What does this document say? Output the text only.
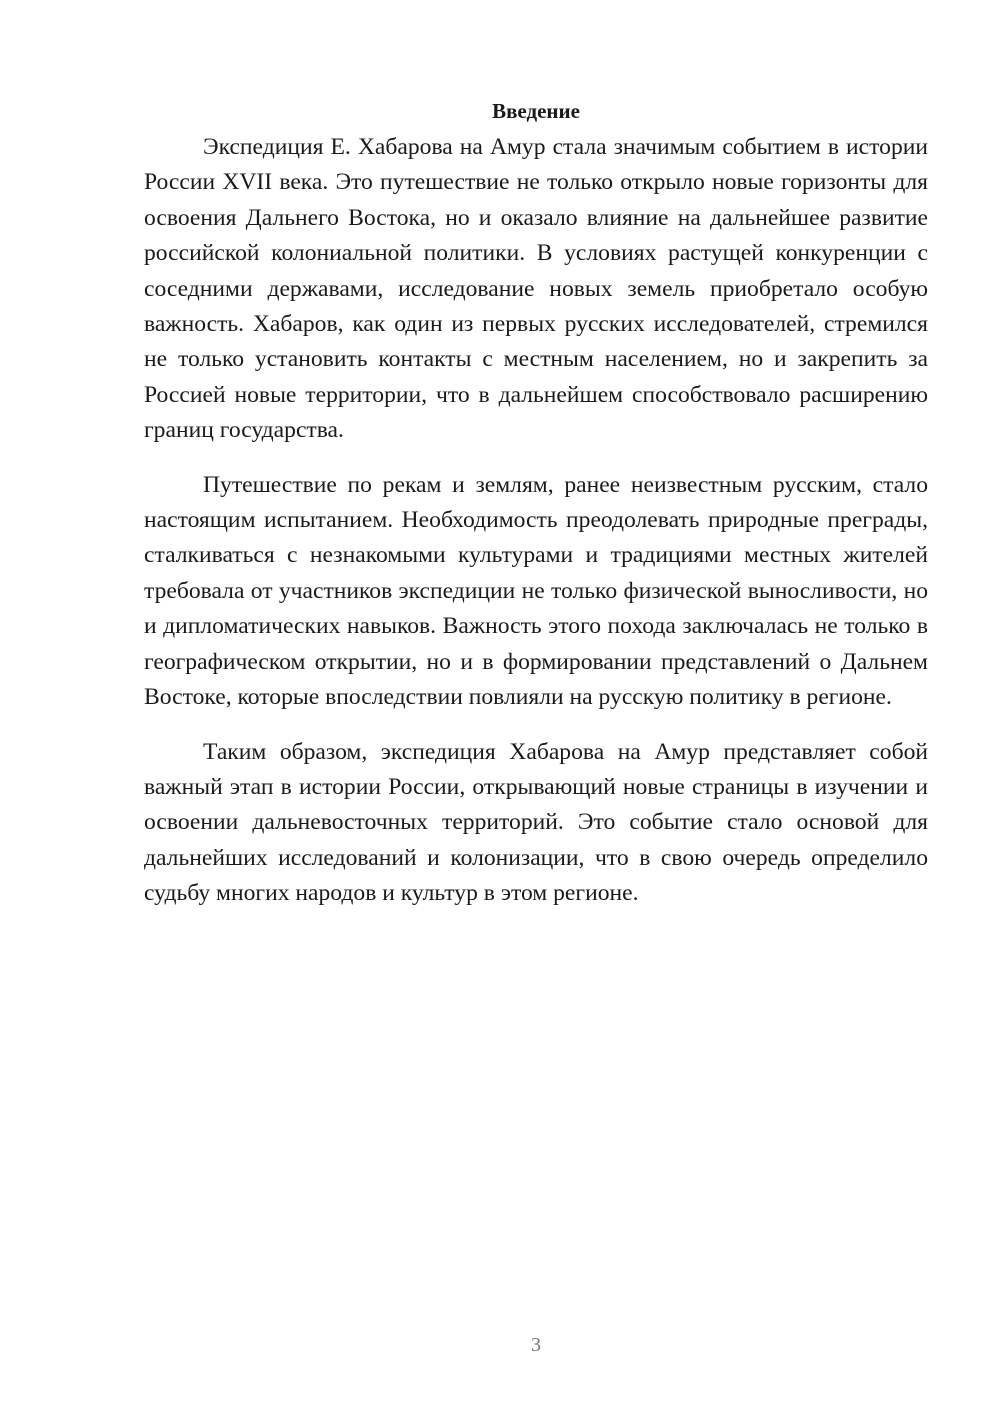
Введение

Экспедиция Е. Хабарова на Амур стала значимым событием в истории России XVII века. Это путешествие не только открыло новые горизонты для освоения Дальнего Востока, но и оказало влияние на дальнейшее развитие российской колониальной политики. В условиях растущей конкуренции с соседними державами, исследование новых земель приобретало особую важность. Хабаров, как один из первых русских исследователей, стремился не только установить контакты с местным населением, но и закрепить за Россией новые территории, что в дальнейшем способствовало расширению границ государства.

Путешествие по рекам и землям, ранее неизвестным русским, стало настоящим испытанием. Необходимость преодолевать природные преграды, сталкиваться с незнакомыми культурами и традициями местных жителей требовала от участников экспедиции не только физической выносливости, но и дипломатических навыков. Важность этого похода заключалась не только в географическом открытии, но и в формировании представлений о Дальнем Востоке, которые впоследствии повлияли на русскую политику в регионе.

Таким образом, экспедиция Хабарова на Амур представляет собой важный этап в истории России, открывающий новые страницы в изучении и освоении дальневосточных территорий. Это событие стало основой для дальнейших исследований и колонизации, что в свою очередь определило судьбу многих народов и культур в этом регионе.

3
